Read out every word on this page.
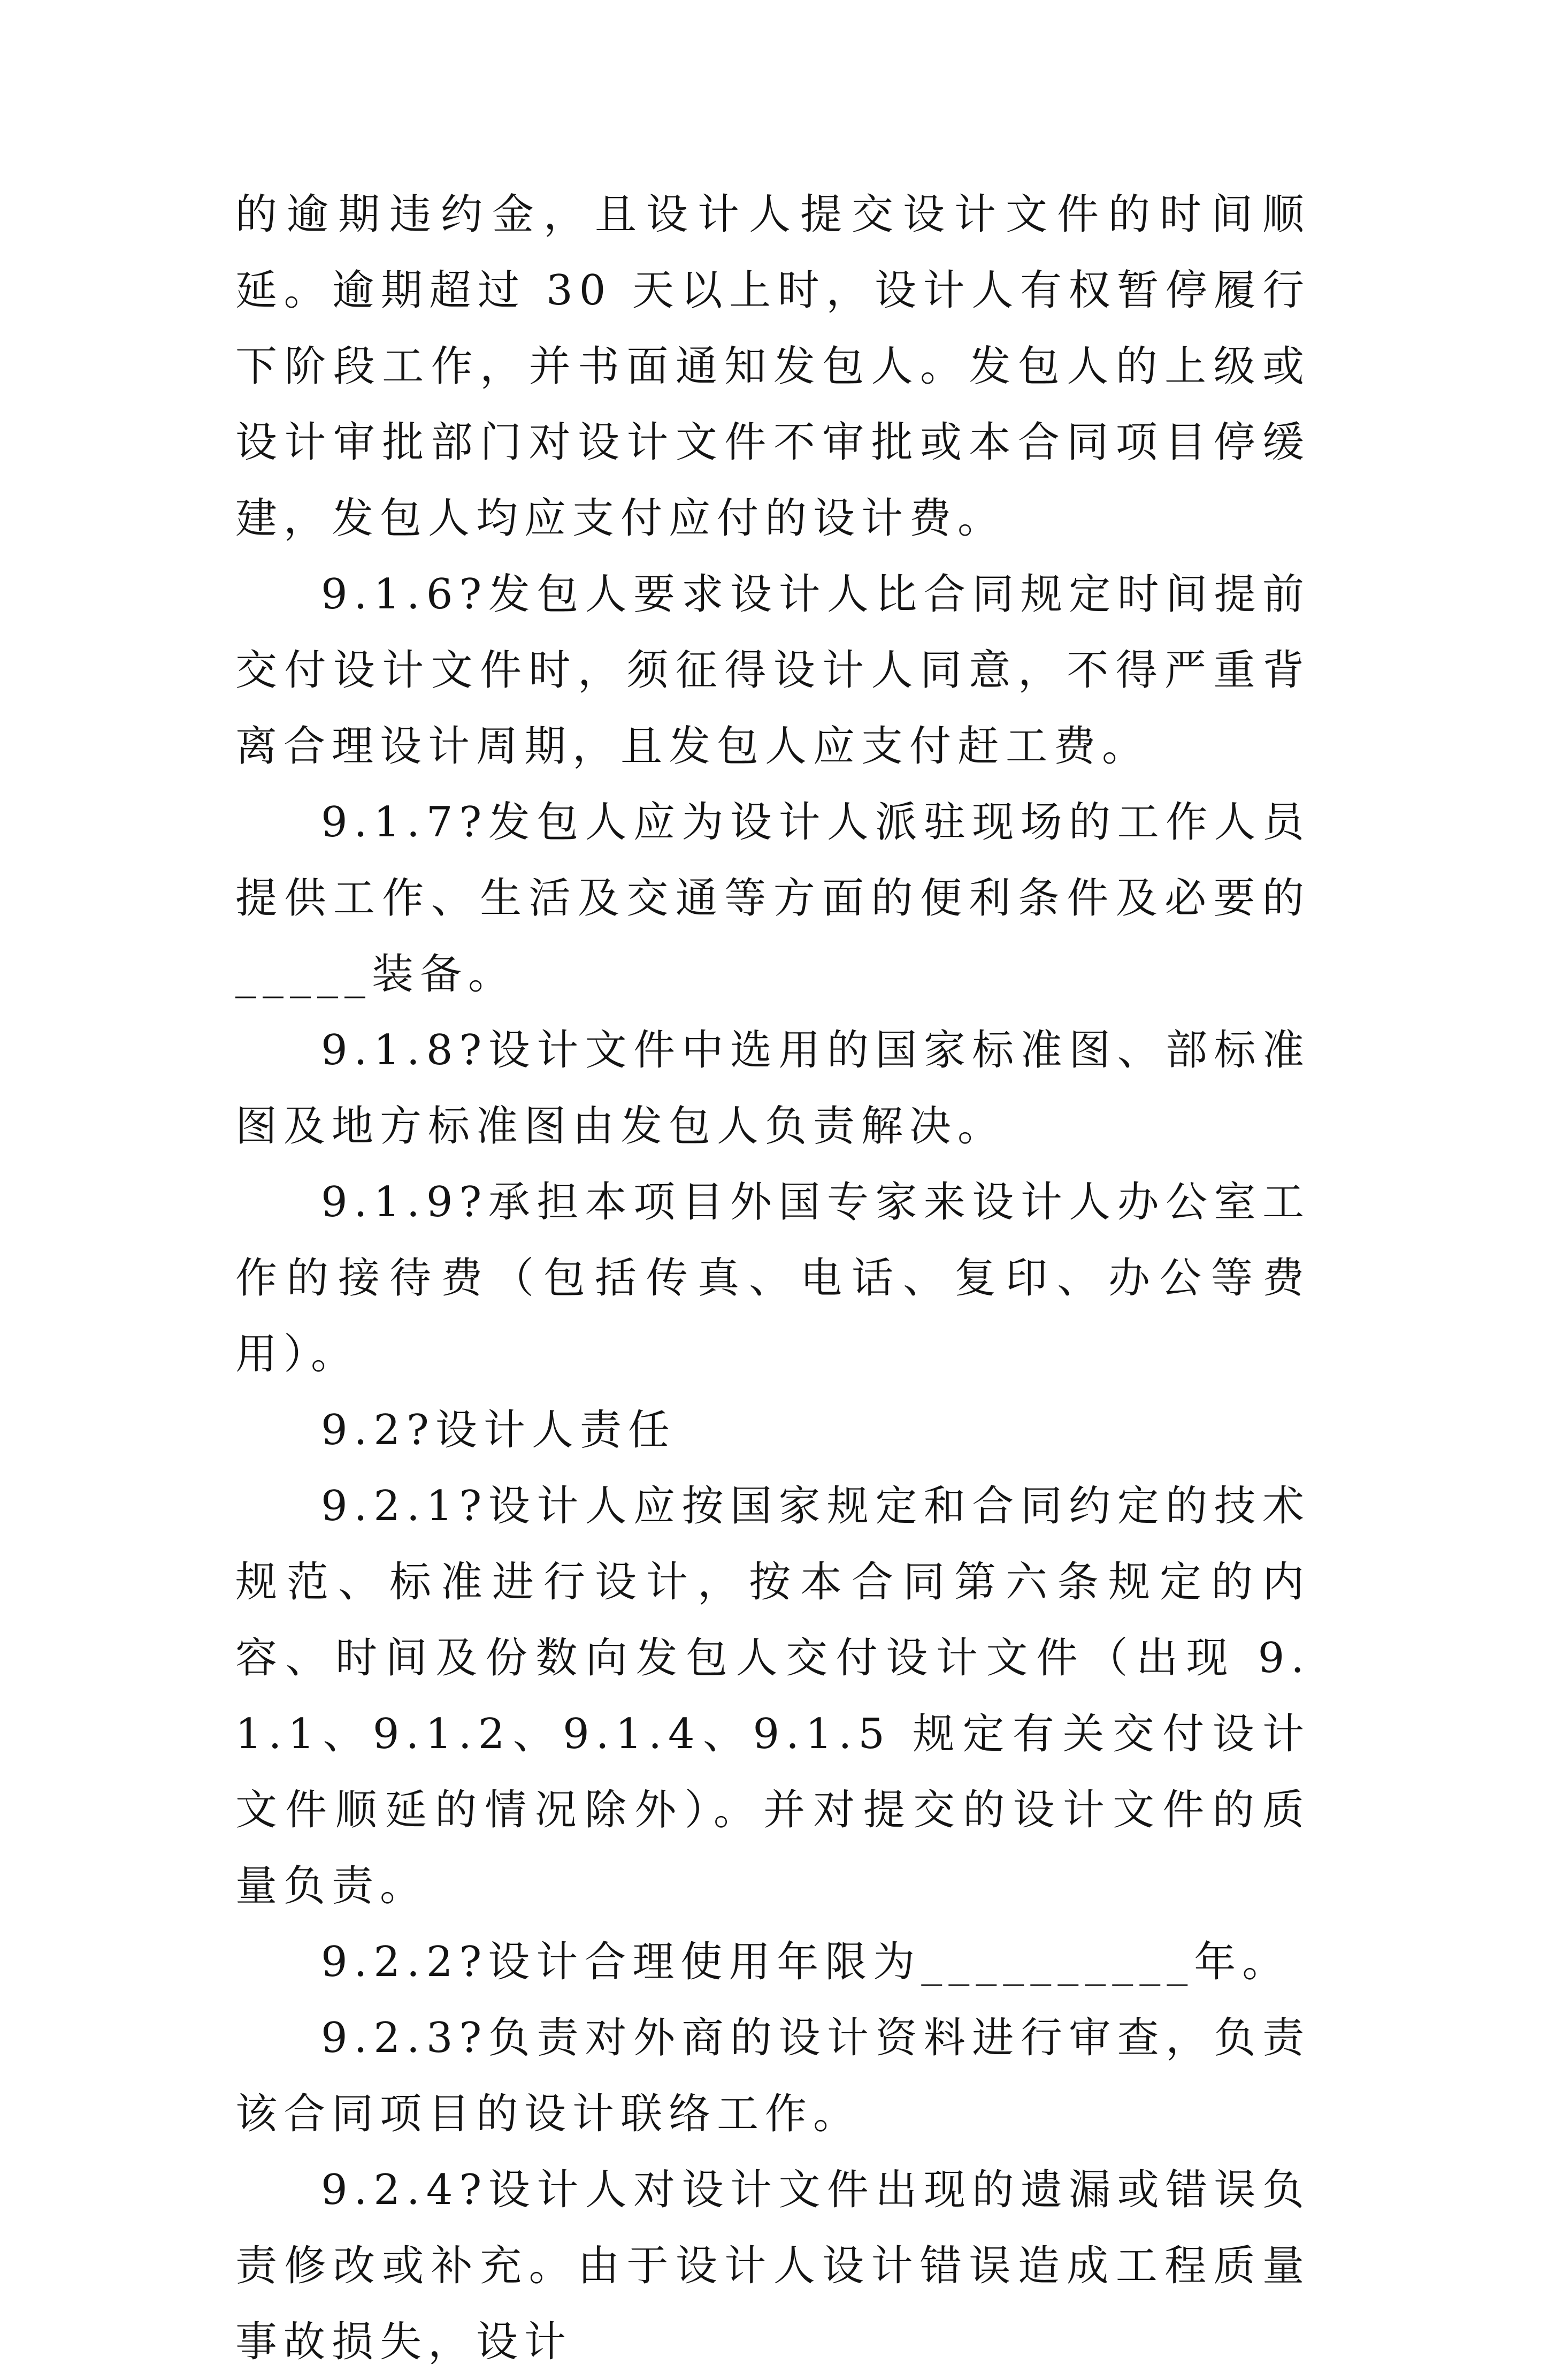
的逾期违约金，且设计人提交设计文件的时间顺延。逾期超过 30 天以上时，设计人有权暂停履行下阶段工作，并书面通知发包人。发包人的上级或设计审批部门对设计文件不审批或本合同项目停缓建，发包人均应支付应付的设计费。

9.1.6?发包人要求设计人比合同规定时间提前交付设计文件时，须征得设计人同意，不得严重背离合理设计周期，且发包人应支付赶工费。

9.1.7?发包人应为设计人派驻现场的工作人员提供工作、生活及交通等方面的便利条件及必要的_____装备。

9.1.8?设计文件中选用的国家标准图、部标准图及地方标准图由发包人负责解决。

9.1.9?承担本项目外国专家来设计人办公室工作的接待费（包括传真、电话、复印、办公等费用）。

9.2?设计人责任

9.2.1?设计人应按国家规定和合同约定的技术规范、标准进行设计，按本合同第六条规定的内容、时间及份数向发包人交付设计文件（出现 9.1.1、9.1.2、9.1.4、9.1.5 规定有关交付设计文件顺延的情况除外）。并对提交的设计文件的质量负责。

9.2.2?设计合理使用年限为__________年。

9.2.3?负责对外商的设计资料进行审查，负责该合同项目的设计联络工作。

9.2.4?设计人对设计文件出现的遗漏或错误负责修改或补充。由于设计人设计错误造成工程质量事故损失，设计
